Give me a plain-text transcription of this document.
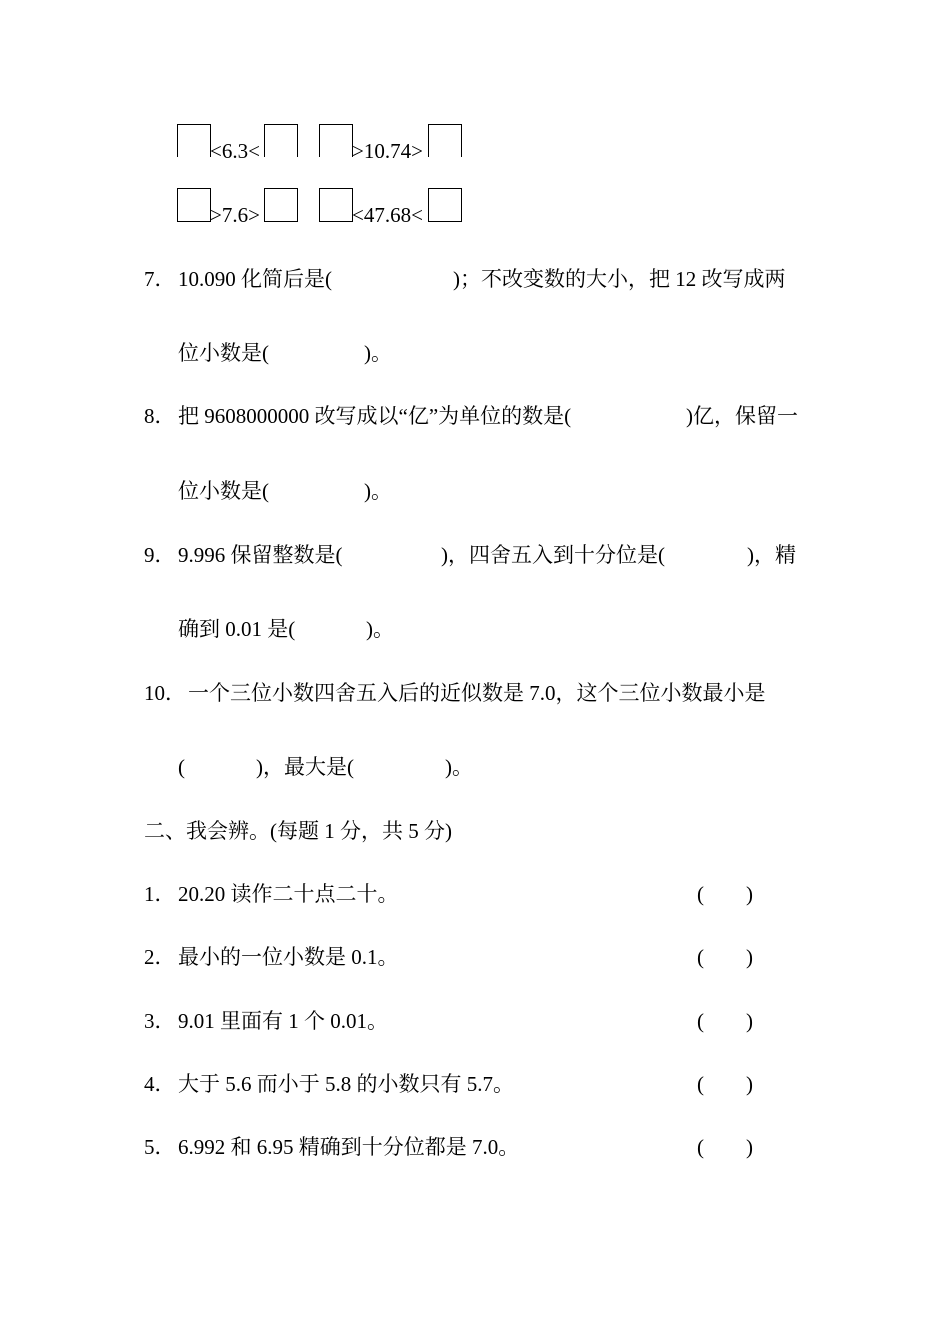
<6.3<	>10.74>
>7.6>	<47.68<
7． 10.090 化简后是(	)；不改变数的大小，把 12 改写成两
位小数是(	)。
8． 把 9608000000 改写成以“亿”为单位的数是(	)亿，保留一
位小数是(	)。
9． 9.996 保留整数是(	)，四舍五入到十分位是(	)，精
确到 0.01 是(	)。
10． 一个三位小数四舍五入后的近似数是 7.0，这个三位小数最小是
(	)，最大是(	)。
二、我会辨。(每题 1 分，共 5 分)
1． 20.20 读作二十点二十。	(　　)
2． 最小的一位小数是 0.1。	(　　)
3． 9.01 里面有 1 个 0.01。	(　　)
4． 大于 5.6 而小于 5.8 的小数只有 5.7。	(　　)
5． 6.992 和 6.95 精确到十分位都是 7.0。	(　　)
